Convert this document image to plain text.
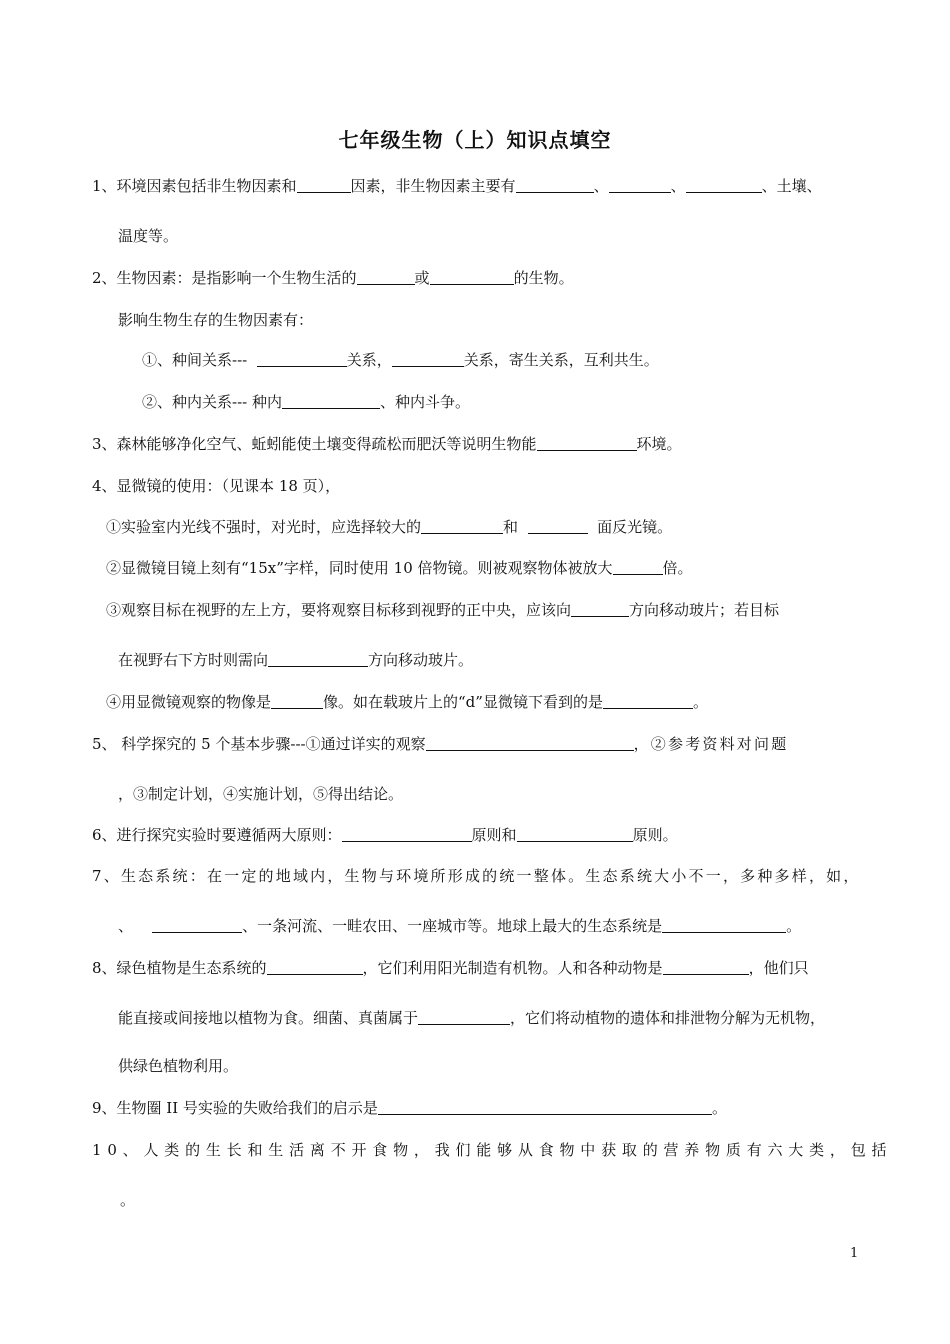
七年级生物（上）知识点填空
1、环境因素包括非生物因素和	因素，非生物因素主要有	、	、	、土壤、
温度等。
2、生物因素：是指影响一个生物生活的	或	的生物。
影响生物生存的生物因素有：
①、种间关系---	关系，	关系，寄生关系，互利共生。
②、种内关系--- 种内	、种内斗争。
3、森林能够净化空气、蚯蚓能使土壤变得疏松而肥沃等说明生物能	环境。
4、显微镜的使用：（见课本 18 页），
①实验室内光线不强时，对光时，应选择较大的	和	面反光镜。
②显微镜目镜上刻有“15x”字样，同时使用 10 倍物镜。则被观察物体被放大	倍。
③观察目标在视野的左上方，要将观察目标移到视野的正中央，应该向	方向移动玻片；若目标
在视野右下方时则需向	方向移动玻片。
④用显微镜观察的物像是	像。如在载玻片上的“d”显微镜下看到的是	。
5、 科学探究的 5 个基本步骤---①通过详实的观察	，②参考资料对问题
，③制定计划，④实施计划，⑤得出结论。
6、进行探究实验时要遵循两大原则：	原则和	原则。
7、生态系统：在一定的地域内，生物与环境所形成的统一整体。生态系统大小不一，多种多样，如，
、	、一条河流、一畦农田、一座城市等。地球上最大的生态系统是	。
8、绿色植物是生态系统的	，它们利用阳光制造有机物。人和各种动物是	，他们只
能直接或间接地以植物为食。细菌、真菌属于	，它们将动植物的遗体和排泄物分解为无机物，
供绿色植物利用。
9、生物圈 II 号实验的失败给我们的启示是	。
10、人类的生长和生活离不开食物，我们能够从食物中获取的营养物质有六大类，包括
。
1
